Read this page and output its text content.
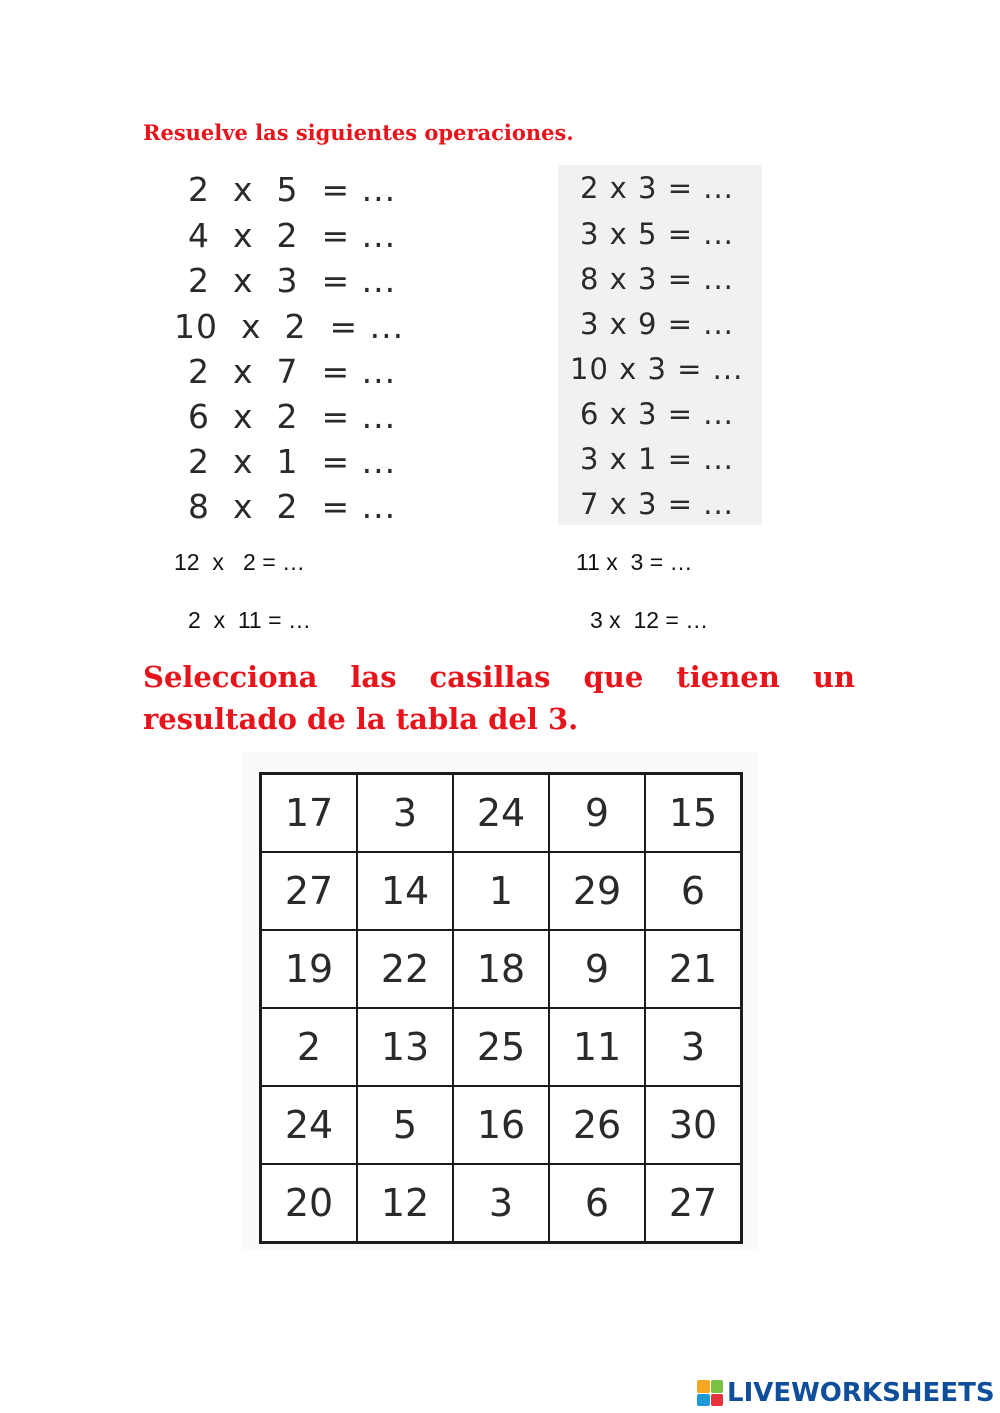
Resuelve las siguientes operaciones.
2  x  5  = ...
4  x  2  = ...
2  x  3  = ...
10  x  2  = ...
2  x  7  = ...
6  x  2  = ...
2  x  1  = ...
8  x  2  = ...
2 x 3 = ...
3 x 5 = ...
8 x 3 = ...
3 x 9 = ...
10 x 3 = ...
6 x 3 = ...
3 x 1 = ...
7 x 3 = ...
12  x   2 = …
2  x  11 = …
11 x  3 = …
3 x  12 = …
Selecciona las casillas que tienen un resultado de la tabla del 3.
17	3	24	9	15
27	14	1	29	6
19	22	18	9	21
2	13	25	11	3
24	5	16	26	30
20	12	3	6	27
LIVEWORKSHEETS
